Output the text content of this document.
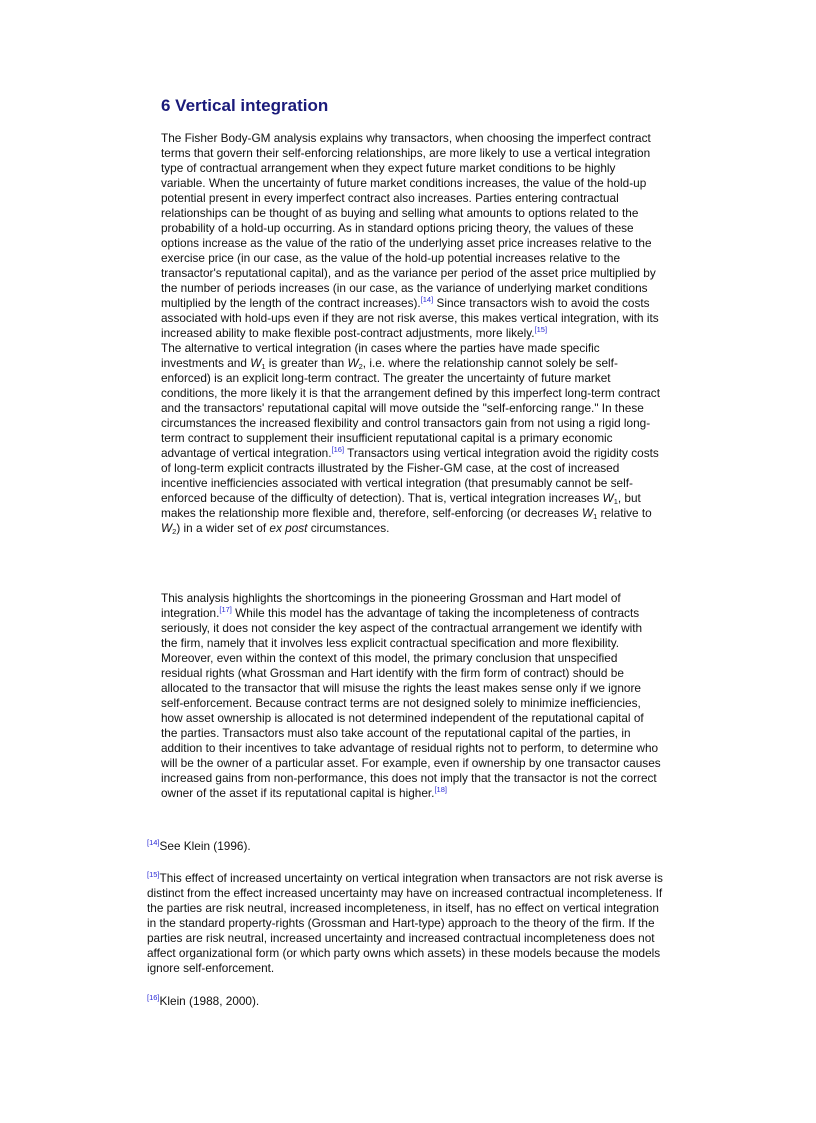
6 Vertical integration

The Fisher Body-GM analysis explains why transactors, when choosing the imperfect contract terms that govern their self-enforcing relationships, are more likely to use a vertical integration type of contractual arrangement when they expect future market conditions to be highly variable. When the uncertainty of future market conditions increases, the value of the hold-up potential present in every imperfect contract also increases. Parties entering contractual relationships can be thought of as buying and selling what amounts to options related to the probability of a hold-up occurring. As in standard options pricing theory, the values of these options increase as the value of the ratio of the underlying asset price increases relative to the exercise price (in our case, as the value of the hold-up potential increases relative to the transactor's reputational capital), and as the variance per period of the asset price multiplied by the number of periods increases (in our case, as the variance of underlying market conditions multiplied by the length of the contract increases).[14] Since transactors wish to avoid the costs associated with hold-ups even if they are not risk averse, this makes vertical integration, with its increased ability to make flexible post-contract adjustments, more likely.[15]
The alternative to vertical integration (in cases where the parties have made specific investments and $W_1$ is greater than $W_2$, i.e. where the relationship cannot solely be self-enforced) is an explicit long-term contract. The greater the uncertainty of future market conditions, the more likely it is that the arrangement defined by this imperfect long-term contract and the transactors' reputational capital will move outside the "self-enforcing range." In these circumstances the increased flexibility and control transactors gain from not using a rigid long-term contract to supplement their insufficient reputational capital is a primary economic advantage of vertical integration.[16] Transactors using vertical integration avoid the rigidity costs of long-term explicit contracts illustrated by the Fisher-GM case, at the cost of increased incentive inefficiencies associated with vertical integration (that presumably cannot be self-enforced because of the difficulty of detection). That is, vertical integration increases $W_1$, but makes the relationship more flexible and, therefore, self-enforcing (or decreases $W_1$ relative to $W_2$) in a wider set of ex post circumstances.

This analysis highlights the shortcomings in the pioneering Grossman and Hart model of integration.[17] While this model has the advantage of taking the incompleteness of contracts seriously, it does not consider the key aspect of the contractual arrangement we identify with the firm, namely that it involves less explicit contractual specification and more flexibility. Moreover, even within the context of this model, the primary conclusion that unspecified residual rights (what Grossman and Hart identify with the firm form of contract) should be allocated to the transactor that will misuse the rights the least makes sense only if we ignore self-enforcement. Because contract terms are not designed solely to minimize inefficiencies, how asset ownership is allocated is not determined independent of the reputational capital of the parties. Transactors must also take account of the reputational capital of the parties, in addition to their incentives to take advantage of residual rights not to perform, to determine who will be the owner of a particular asset. For example, even if ownership by one transactor causes increased gains from non-performance, this does not imply that the transactor is not the correct owner of the asset if its reputational capital is higher.[18]

[14]See Klein (1996).

[15]This effect of increased uncertainty on vertical integration when transactors are not risk averse is distinct from the effect increased uncertainty may have on increased contractual incompleteness. If the parties are risk neutral, increased incompleteness, in itself, has no effect on vertical integration in the standard property-rights (Grossman and Hart-type) approach to the theory of the firm. If the parties are risk neutral, increased uncertainty and increased contractual incompleteness does not affect organizational form (or which party owns which assets) in these models because the models ignore self-enforcement.

[16]Klein (1988, 2000).
